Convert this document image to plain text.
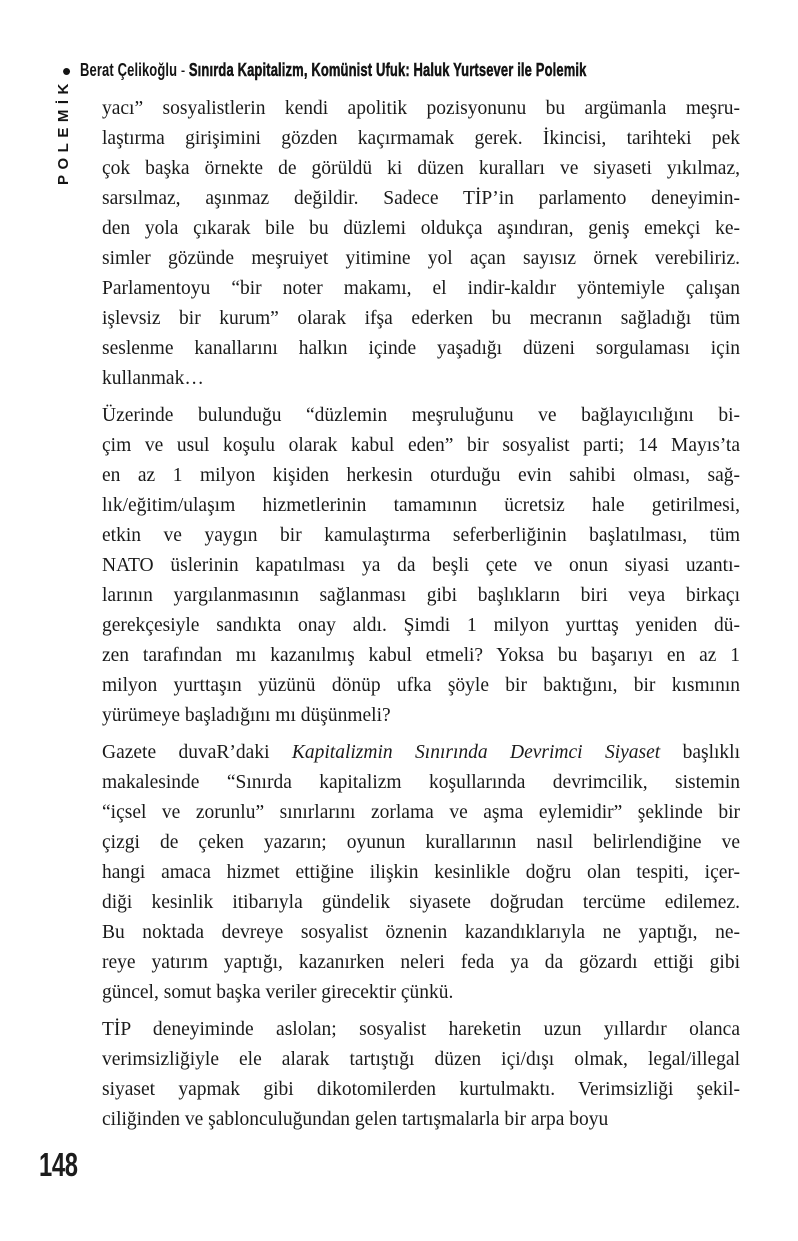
• Berat Çelikoğlu - Sınırda Kapitalizm, Komünist Ufuk: Haluk Yurtsever ile Polemik
POLEMİK yacı” sosyalistlerin kendi apolitik pozisyonunu bu argümanla meşru-
laştırma girişimini gözden kaçırmamak gerek. İkincisi, tarihteki pek
çok başka örnekte de görüldü ki düzen kuralları ve siyaseti yıkılmaz,
sarsılmaz, aşınmaz değildir. Sadece TİP’in parlamento deneyimin-
den yola çıkarak bile bu düzlemi oldukça aşındıran, geniş emekçi ke-
simler gözünde meşruiyet yitimine yol açan sayısız örnek verebiliriz.
Parlamentoyu “bir noter makamı, el indir-kaldır yöntemiyle çalışan
işlevsiz bir kurum” olarak ifşa ederken bu mecranın sağladığı tüm
seslenme kanallarını halkın içinde yaşadığı düzeni sorgulaması için
kullanmak…

Üzerinde bulunduğu “düzlemin meşruluğunu ve bağlayıcılığını bi-
çim ve usul koşulu olarak kabul eden” bir sosyalist parti; 14 Mayıs’ta
en az 1 milyon kişiden herkesin oturduğu evin sahibi olması, sağ-
lık/eğitim/ulaşım hizmetlerinin tamamının ücretsiz hale getirilmesi,
etkin ve yaygın bir kamulaştırma seferberliğinin başlatılması, tüm
NATO üslerinin kapatılması ya da beşli çete ve onun siyasi uzantı-
larının yargılanmasının sağlanması gibi başlıkların biri veya birkaçı
gerekçesiyle sandıkta onay aldı. Şimdi 1 milyon yurttaş yeniden dü-
zen tarafından mı kazanılmış kabul etmeli? Yoksa bu başarıyı en az 1
milyon yurttaşın yüzünü dönüp ufka şöyle bir baktığını, bir kısmının
yürümeye başladığını mı düşünmeli?

Gazete duvaR’daki Kapitalizmin Sınırında Devrimci Siyaset başlıklı
makalesinde “Sınırda kapitalizm koşullarında devrimcilik, sistemin
“içsel ve zorunlu” sınırlarını zorlama ve aşma eylemidir” şeklinde bir
çizgi de çeken yazarın; oyunun kurallarının nasıl belirlendiğine ve
hangi amaca hizmet ettiğine ilişkin kesinlikle doğru olan tespiti, içer-
diği kesinlik itibarıyla gündelik siyasete doğrudan tercüme edilemez.
Bu noktada devreye sosyalist öznenin kazandıklarıyla ne yaptığı, ne-
reye yatırım yaptığı, kazanırken neleri feda ya da gözardı ettiği gibi
güncel, somut başka veriler girecektir çünkü.

TİP deneyiminde aslolan; sosyalist hareketin uzun yıllardır olanca
verimsizliğiyle ele alarak tartıştığı düzen içi/dışı olmak, legal/illegal
siyaset yapmak gibi dikotomilerden kurtulmaktı. Verimsizliği şekil-
ciliğinden ve şablonculuğundan gelen tartışmalarla bir arpa boyu

148
